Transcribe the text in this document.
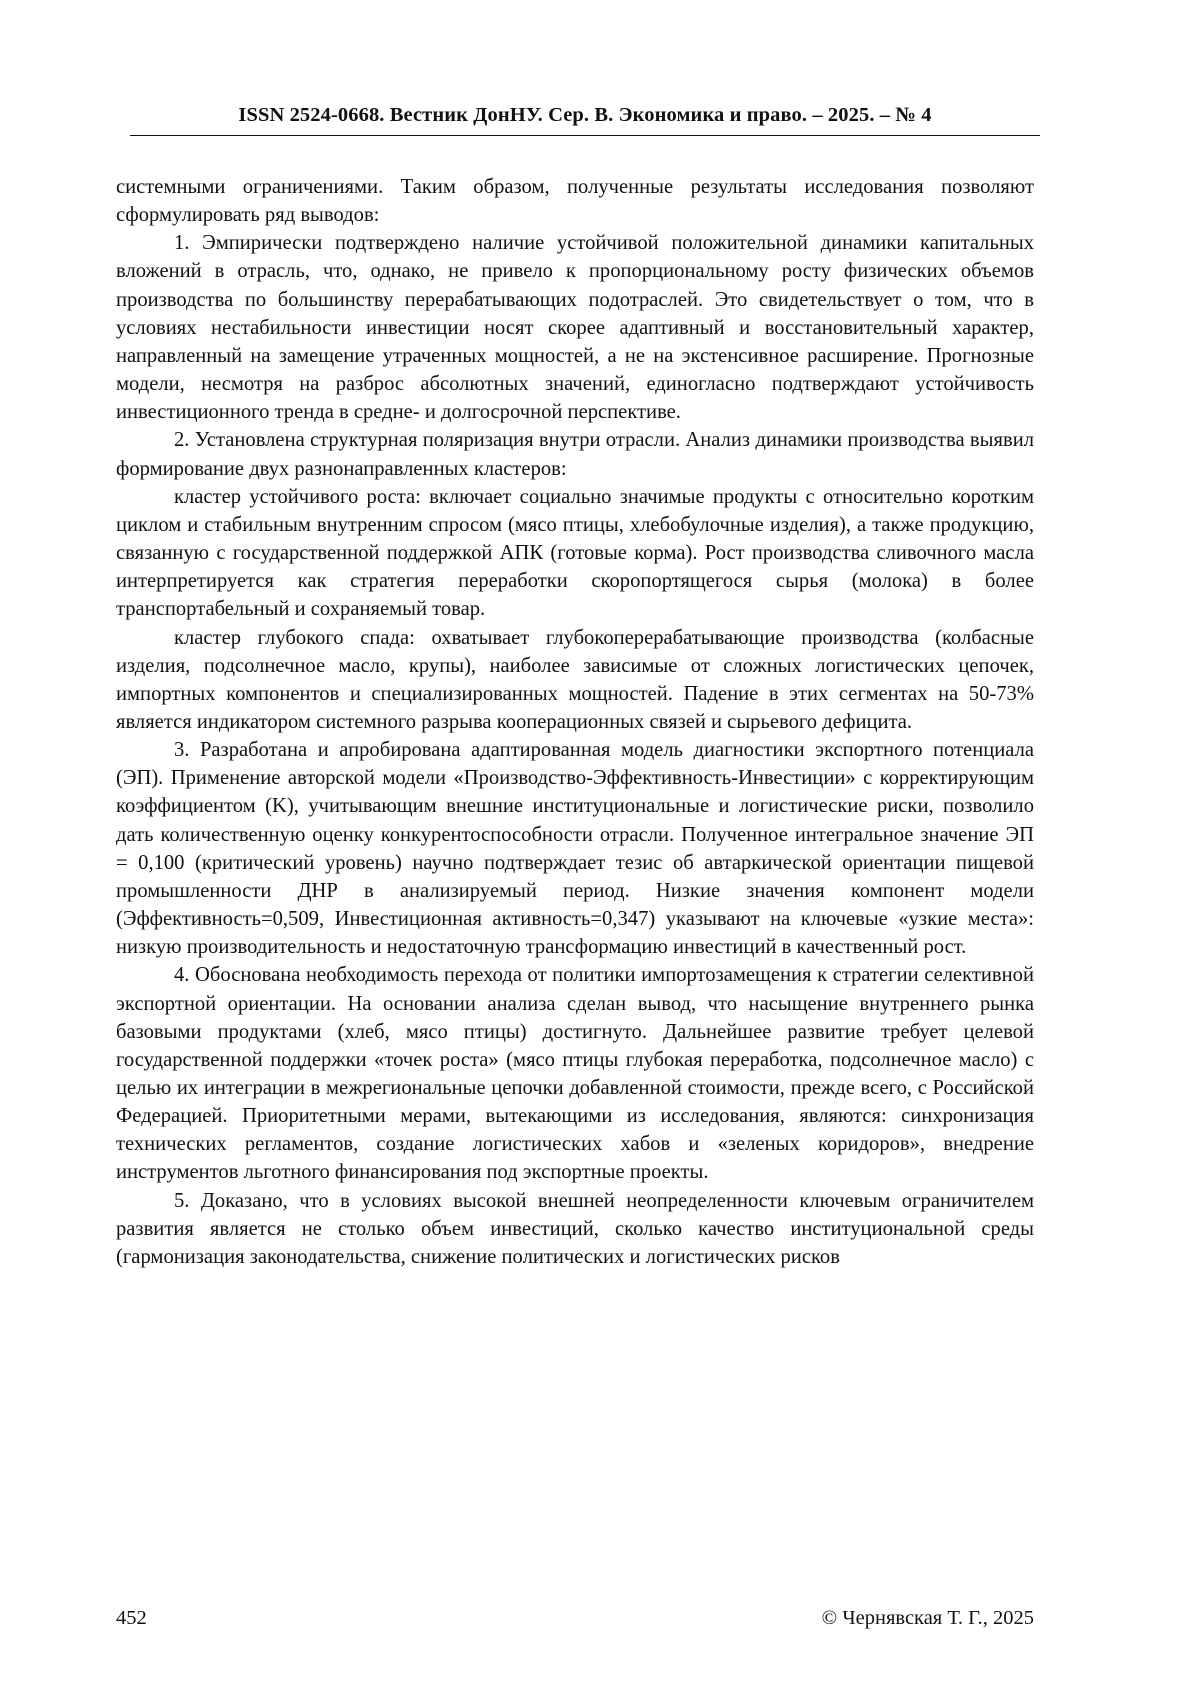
ISSN 2524-0668. Вестник ДонНУ. Сер. В. Экономика и право. – 2025. – № 4

системными ограничениями. Таким образом, полученные результаты исследования позволяют сформулировать ряд выводов:

1. Эмпирически подтверждено наличие устойчивой положительной динамики капитальных вложений в отрасль, что, однако, не привело к пропорциональному росту физических объемов производства по большинству перерабатывающих подотраслей. Это свидетельствует о том, что в условиях нестабильности инвестиции носят скорее адаптивный и восстановительный характер, направленный на замещение утраченных мощностей, а не на экстенсивное расширение. Прогнозные модели, несмотря на разброс абсолютных значений, единогласно подтверждают устойчивость инвестиционного тренда в средне- и долгосрочной перспективе.

2. Установлена структурная поляризация внутри отрасли. Анализ динамики производства выявил формирование двух разнонаправленных кластеров:

кластер устойчивого роста: включает социально значимые продукты с относительно коротким циклом и стабильным внутренним спросом (мясо птицы, хлебобулочные изделия), а также продукцию, связанную с государственной поддержкой АПК (готовые корма). Рост производства сливочного масла интерпретируется как стратегия переработки скоропортящегося сырья (молока) в более транспортабельный и сохраняемый товар.

кластер глубокого спада: охватывает глубокоперерабатывающие производства (колбасные изделия, подсолнечное масло, крупы), наиболее зависимые от сложных логистических цепочек, импортных компонентов и специализированных мощностей. Падение в этих сегментах на 50-73% является индикатором системного разрыва кооперационных связей и сырьевого дефицита.

3. Разработана и апробирована адаптированная модель диагностики экспортного потенциала (ЭП). Применение авторской модели «Производство-Эффективность-Инвестиции» с корректирующим коэффициентом (K), учитывающим внешние институциональные и логистические риски, позволило дать количественную оценку конкурентоспособности отрасли. Полученное интегральное значение ЭП = 0,100 (критический уровень) научно подтверждает тезис об автаркической ориентации пищевой промышленности ДНР в анализируемый период. Низкие значения компонент модели (Эффективность=0,509, Инвестиционная активность=0,347) указывают на ключевые «узкие места»: низкую производительность и недостаточную трансформацию инвестиций в качественный рост.

4. Обоснована необходимость перехода от политики импортозамещения к стратегии селективной экспортной ориентации. На основании анализа сделан вывод, что насыщение внутреннего рынка базовыми продуктами (хлеб, мясо птицы) достигнуто. Дальнейшее развитие требует целевой государственной поддержки «точек роста» (мясо птицы глубокая переработка, подсолнечное масло) с целью их интеграции в межрегиональные цепочки добавленной стоимости, прежде всего, с Российской Федерацией. Приоритетными мерами, вытекающими из исследования, являются: синхронизация технических регламентов, создание логистических хабов и «зеленых коридоров», внедрение инструментов льготного финансирования под экспортные проекты.

5. Доказано, что в условиях высокой внешней неопределенности ключевым ограничителем развития является не столько объем инвестиций, сколько качество институциональной среды (гармонизация законодательства, снижение политических и логистических рисков

452	© Чернявская Т. Г., 2025
